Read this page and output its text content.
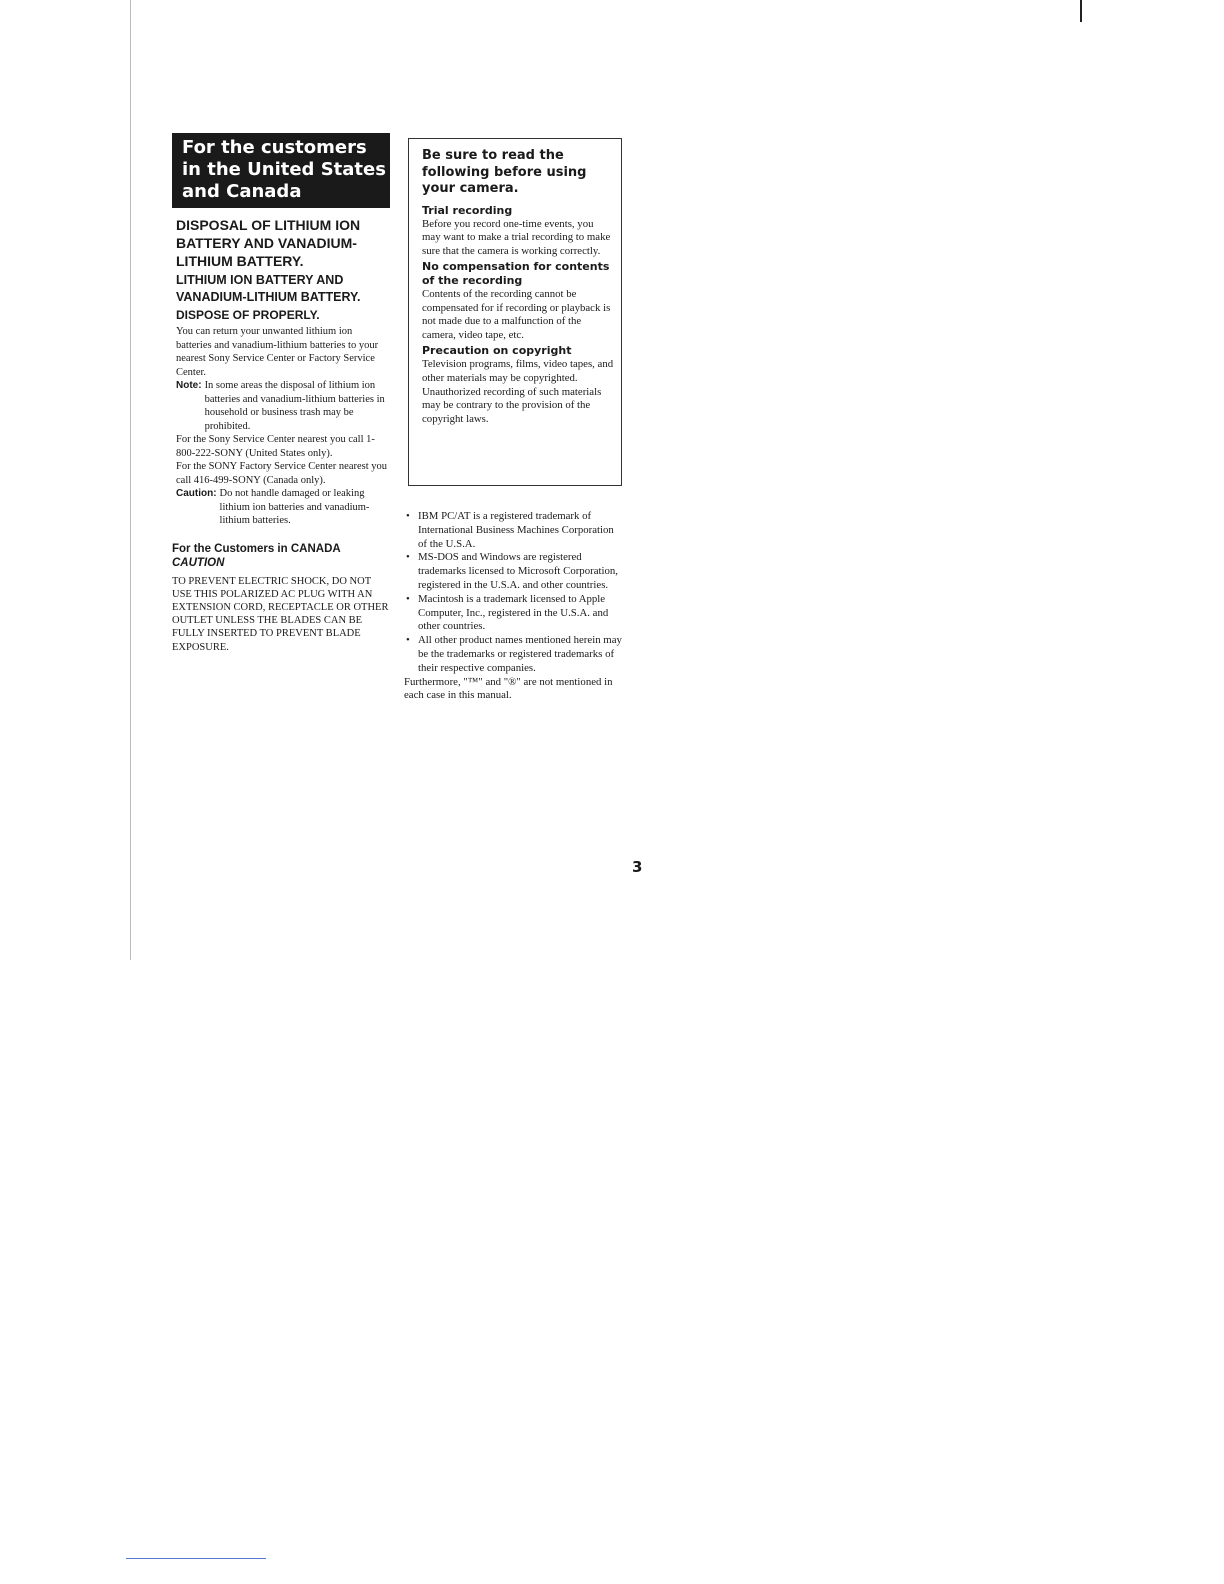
For the customers
in the United States
and Canada
DISPOSAL OF LITHIUM ION
BATTERY AND VANADIUM-
LITHIUM BATTERY.
LITHIUM ION BATTERY AND
VANADIUM-LITHIUM BATTERY.
DISPOSE OF PROPERLY.
You can return your unwanted lithium ion batteries and vanadium-lithium batteries to your nearest Sony Service Center or Factory Service Center.
Note: In some areas the disposal of lithium ion batteries and vanadium-lithium batteries in household or business trash may be prohibited.
For the Sony Service Center nearest you call 1-800-222-SONY (United States only).
For the SONY Factory Service Center nearest you call 416-499-SONY (Canada only).
Caution: Do not handle damaged or leaking lithium ion batteries and vanadium-lithium batteries.
For the Customers in CANADA
CAUTION
TO PREVENT ELECTRIC SHOCK, DO NOT USE THIS POLARIZED AC PLUG WITH AN EXTENSION CORD, RECEPTACLE OR OTHER OUTLET UNLESS THE BLADES CAN BE FULLY INSERTED TO PREVENT BLADE EXPOSURE.
Be sure to read the following before using your camera.
Trial recording
Before you record one-time events, you may want to make a trial recording to make sure that the camera is working correctly.
No compensation for contents of the recording
Contents of the recording cannot be compensated for if recording or playback is not made due to a malfunction of the camera, video tape, etc.
Precaution on copyright
Television programs, films, video tapes, and other materials may be copyrighted. Unauthorized recording of such materials may be contrary to the provision of the copyright laws.
• IBM PC/AT is a registered trademark of International Business Machines Corporation of the U.S.A.
• MS-DOS and Windows are registered trademarks licensed to Microsoft Corporation, registered in the U.S.A. and other countries.
• Macintosh is a trademark licensed to Apple Computer, Inc., registered in the U.S.A. and other countries.
• All other product names mentioned herein may be the trademarks or registered trademarks of their respective companies.
Furthermore, "™" and "®" are not mentioned in each case in this manual.
3
